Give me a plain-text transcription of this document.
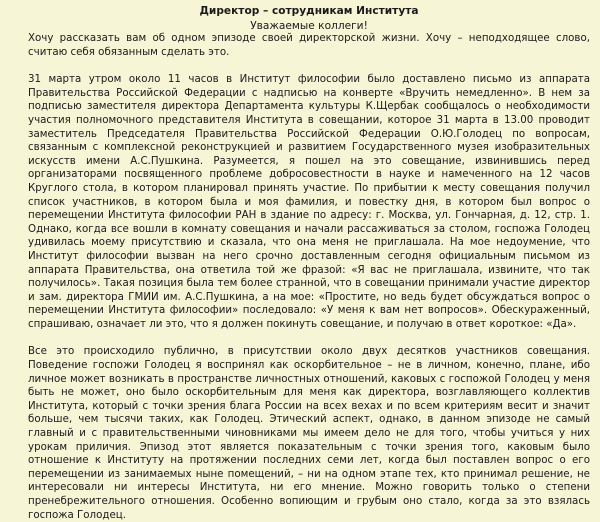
Директор – сотрудникам Института
Уважаемые коллеги!

Хочу рассказать вам об одном эпизоде своей директорской жизни. Хочу – неподходящее слово, считаю себя обязанным сделать это.

31 марта утром около 11 часов в Институт философии было доставлено письмо из аппарата Правительства Российской Федерации с надписью на конверте «Вручить немедленно». В нем за подписью заместителя директора Департамента культуры К.Щербак сообщалось о необходимости участия полномочного представителя Института в совещании, которое 31 марта в 13.00 проводит заместитель Председателя Правительства Российской Федерации О.Ю.Голодец по вопросам, связанным с комплексной реконструкцией и развитием Государственного музея изобразительных искусств имени А.С.Пушкина. Разумеется, я пошел на это совещание, извинившись перед организаторами посвященного проблеме добросовестности в науке и намеченного на 12 часов Круглого стола, в котором планировал принять участие. По прибытии к месту совещания получил список участников, в котором была и моя фамилия, и повестку дня, в котором был вопрос о перемещении Института философии РАН в здание по адресу: г. Москва, ул. Гончарная, д. 12, стр. 1. Однако, когда все вошли в комнату совещания и начали рассаживаться за столом, госпожа Голодец удивилась моему присутствию и сказала, что она меня не приглашала. На мое недоумение, что Институт философии вызван на него срочно доставленным сегодня официальным письмом из аппарата Правительства, она ответила той же фразой: «Я вас не приглашала, извините, что так получилось». Такая позиция была тем более странной, что в совещании принимали участие директор и зам. директора ГМИИ им. А.С.Пушкина, а на мое: «Простите, но ведь будет обсуждаться вопрос о перемещении Института философии» последовало: «У меня к вам нет вопросов». Обескураженный, спрашиваю, означает ли это, что я должен покинуть совещание, и получаю в ответ короткое: «Да».

Все это происходило публично, в присутствии около двух десятков участников совещания. Поведение госпожи Голодец я воспринял как оскорбительное – не в личном, конечно, плане, ибо личное может возникать в пространстве личностных отношений, каковых с госпожой Голодец у меня быть не может, оно было оскорбительным для меня как директора, возглавляющего коллектив Института, который с точки зрения блага России на всех вехах и по всем критериям весит и значит больше, чем тысячи таких, как Голодец. Этический аспект, однако, в данном эпизоде не самый главный и с правительственными чиновниками мы имеем дело не для того, чтобы учиться у них урокам приличия. Эпизод этот является показательным с точки зрения того, каковым было отношение к Институту на протяжении последних семи лет, когда был поставлен вопрос о его перемещении из занимаемых ныне помещений, – ни на одном этапе тех, кто принимал решение, не интересовали ни интересы Института, ни его мнение. Можно говорить только о степени пренебрежительного отношения. Особенно вопиющим и грубым оно стало, когда за это взялась госпожа Голодец.
